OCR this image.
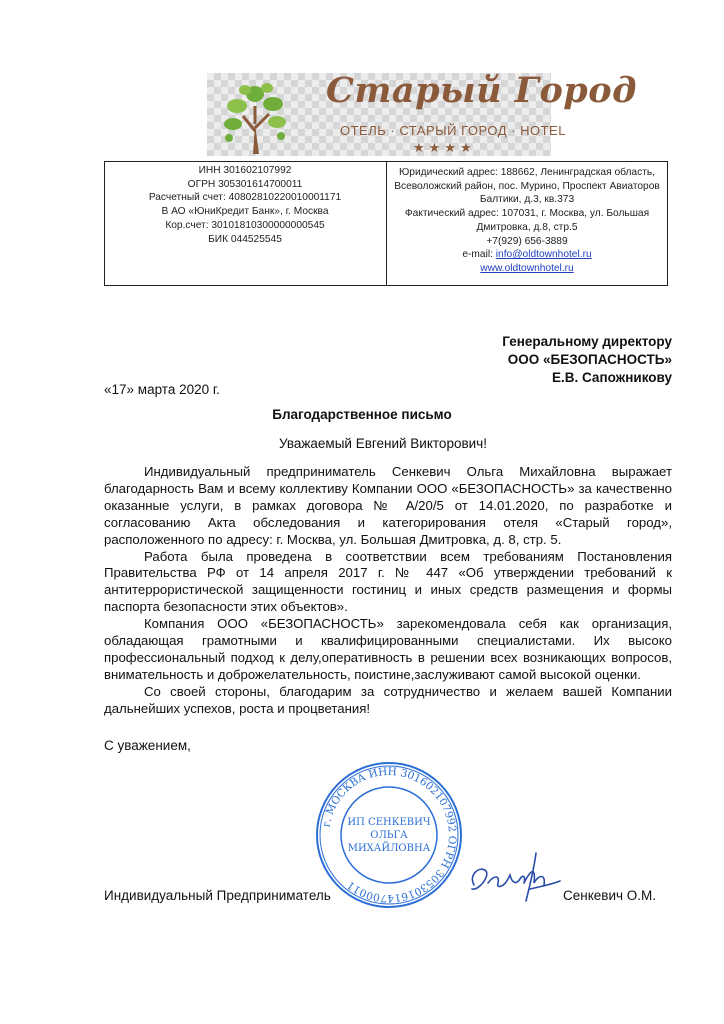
Старый Город
ОТЕЛЬ · СТАРЫЙ ГОРОД · HOTEL
★★★★
ИНН 301602107992
ОГРН 305301614700011
Расчетный счет: 40802810220010001171
В АО «ЮниКредит Банк», г. Москва
Кор.счет: 30101810300000000545
БИК 044525545
Юридический адрес: 188662, Ленинградская область,
Всеволожский район, пос. Мурино, Проспект Авиаторов
Балтики, д.3, кв.373
Фактический адрес: 107031, г. Москва, ул. Большая
Дмитровка, д.8, стр.5
+7(929) 656-3889
e-mail: info@oldtownhotel.ru
www.oldtownhotel.ru
Генеральному директору
ООО «БЕЗОПАСНОСТЬ»
Е.В. Сапожникову
«17» марта 2020 г.
Благодарственное письмо
Уважаемый Евгений Викторович!

Индивидуальный предприниматель Сенкевич Ольга Михайловна выражает благодарность Вам и всему коллективу Компании ООО «БЕЗОПАСНОСТЬ» за качественно оказанные услуги, в рамках договора № А/20/5 от 14.01.2020, по разработке и согласованию Акта обследования и категорирования отеля «Старый город», расположенного по адресу: г. Москва, ул. Большая Дмитровка, д. 8, стр. 5.

Работа была проведена в соответствии всем требованиям Постановления Правительства РФ от 14 апреля 2017 г. № 447 «Об утверждении требований к антитеррористической защищенности гостиниц и иных средств размещения и формы паспорта безопасности этих объектов».

Компания ООО «БЕЗОПАСНОСТЬ» зарекомендовала себя как организация, обладающая грамотными и квалифицированными специалистами. Их высоко профессиональный подход к делу,оперативность в решении всех возникающих вопросов, внимательность и доброжелательность, поистине,заслуживают самой высокой оценки.

Со своей стороны, благодарим за сотрудничество и желаем вашей Компании дальнейших успехов, роста и процветания!

С уважением,
г. МОСКВА ИНН 301602107992 ОГРН 305301614700011
ИП СЕНКЕВИЧ
ОЛЬГА
МИХАЙЛОВНА
Индивидуальный Предприниматель	Сенкевич О.М.
